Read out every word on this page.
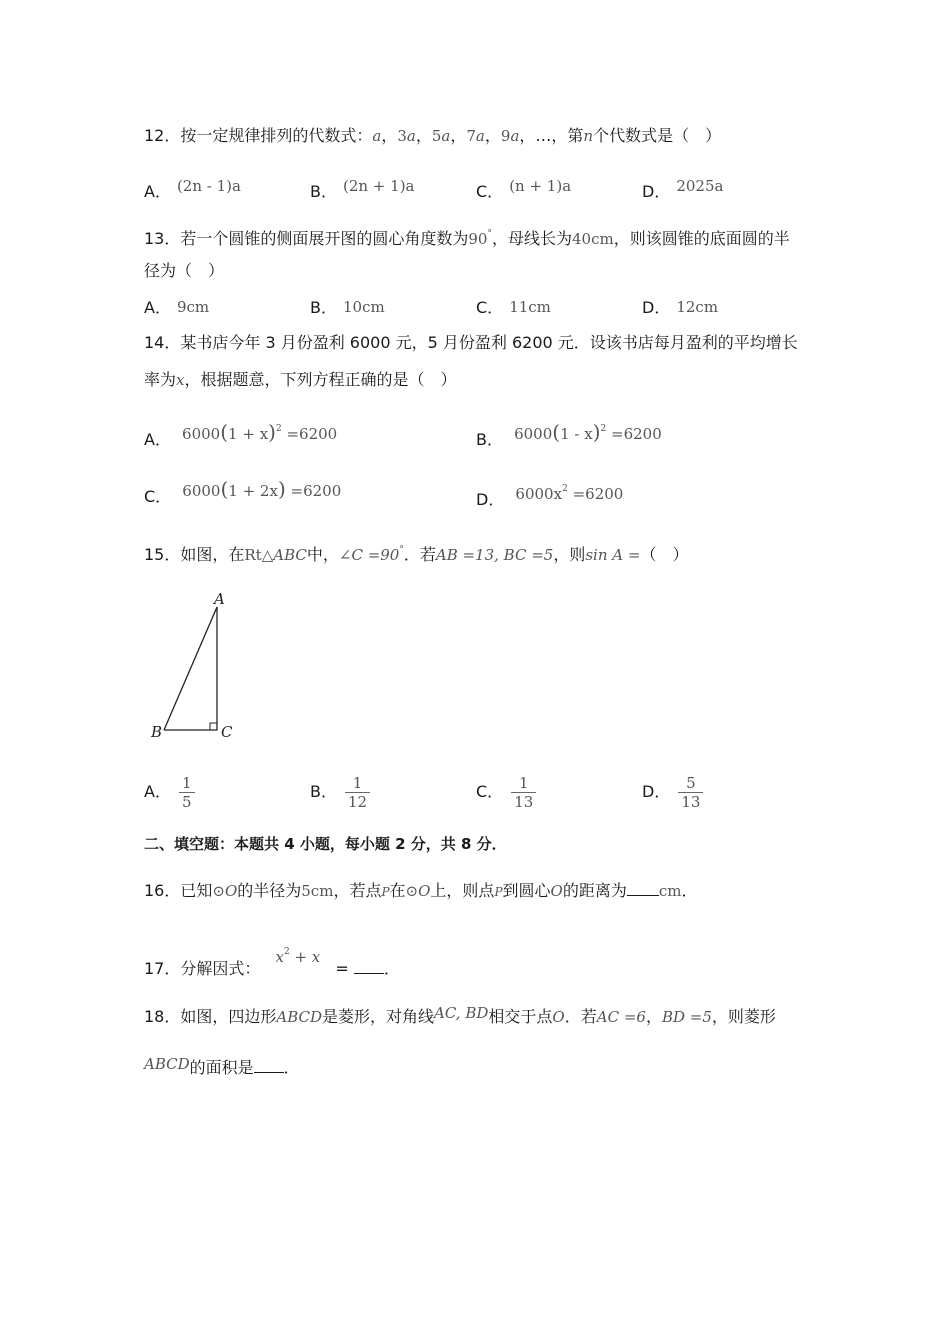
12．按一定规律排列的代数式：a，3a，5a，7a，9a，…，第n个代数式是（　）
A． (2n - 1)a	B． (2n + 1)a	C． (n + 1)a	D． 2025a
13．若一个圆锥的侧面展开图的圆心角度数为90°，母线长为40cm，则该圆锥的底面圆的半
径为（　）
A． 9cm	B． 10cm	C． 11cm	D． 12cm
14．某书店今年 3 月份盈利 6000 元，5 月份盈利 6200 元．设该书店每月盈利的平均增长
率为x，根据题意，下列方程正确的是（　）
A． $6000(1 + x)^2 =6200$	B． 6000(1 - x)$^2$ =6200
C． 6000(1 + 2x) =6200	D． $6000x^2 =6200$
15．如图，在Rt△ABC中，∠C =90°．若AB =13, BC =5，则sin A =（　）
A
B	C
A． $\frac{1}{5}$	B． $\frac{1}{12}$	C． $\frac{1}{13}$	D． $\frac{5}{13}$
二、填空题：本题共 4 小题，每小题 2 分，共 8 分．
16．已知⊙O的半径为5cm，若点P在⊙O上，则点P到圆心O的距离为 cm．
17．分解因式： $x^2 + x$ = ．
18．如图，四边形ABCD是菱形，对角线AC, BD相交于点O．若AC =6，BD =5，则菱形
ABCD的面积是 ．
